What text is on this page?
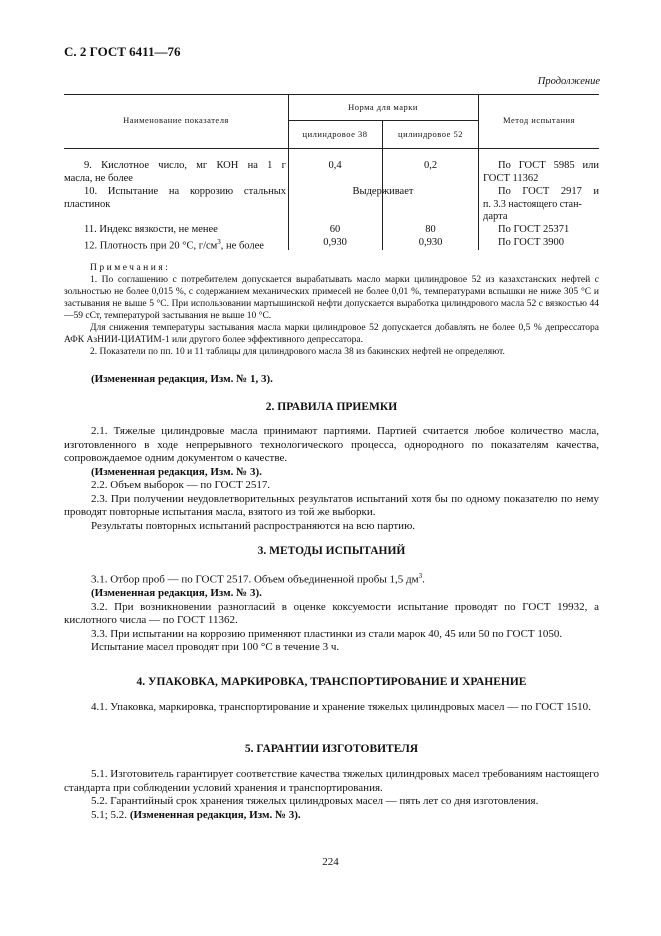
С. 2 ГОСТ 6411—76
Продолжение
Наименование показателя
Норма для марки
цилиндровое 38	цилиндровое 52
Метод испытания
9. Кислотное число, мг КОН на 1 г
масла, не более
0,4	0,2	По ГОСТ 5985 или
ГОСТ 11362
10. Испытание на коррозию стальных
пластинок
Выдерживает	По ГОСТ 2917 и
п. 3.3 настоящего стан-
дарта
11. Индекс вязкости, не менее	60	80	По ГОСТ 25371
12. Плотность при 20 °С, $г/см^3$, не более	0,930	0,930	По ГОСТ 3900

Примечания:

1. По соглашению с потребителем допускается вырабатывать масло марки цилиндровое 52 из казахстанских нефтей с зольностью не более 0,015 %, с содержанием механических примесей не более 0,01 %, температурами вспышки не ниже 305 °С и застывания не выше 5 °С. При использовании мартышинской нефти допускается выработка цилиндрового масла 52 с вязкостью 44—59 сСт, температурой застывания не выше 10 °С.

Для снижения температуры застывания масла марки цилиндровое 52 допускается добавлять не более 0,5 % депрессатора АФК АзНИИ-ЦИАТИМ-1 или другого более эффективного депрессатора.

2. Показатели по пп. 10 и 11 таблицы для цилиндрового масла 38 из бакинских нефтей не определяют.

(Измененная редакция, Изм. № 1, 3).

2. ПРАВИЛА ПРИЕМКИ

2.1. Тяжелые цилиндровые масла принимают партиями. Партией считается любое количество масла, изготовленного в ходе непрерывного технологического процесса, однородного по показателям качества, сопровождаемое одним документом о качестве.

(Измененная редакция, Изм. № 3).

2.2. Объем выборок — по ГОСТ 2517.

2.3. При получении неудовлетворительных результатов испытаний хотя бы по одному показателю по нему проводят повторные испытания масла, взятого из той же выборки.

Результаты повторных испытаний распространяются на всю партию.

3. МЕТОДЫ ИСПЫТАНИЙ

3.1. Отбор проб — по ГОСТ 2517. Объем объединенной пробы 1,5 $дм^3$.

(Измененная редакция, Изм. № 3).

3.2. При возникновении разногласий в оценке коксуемости испытание проводят по ГОСТ 19932, а кислотного числа — по ГОСТ 11362.

3.3. При испытании на коррозию применяют пластинки из стали марок 40, 45 или 50 по ГОСТ 1050.

Испытание масел проводят при 100 °С в течение 3 ч.

4. УПАКОВКА, МАРКИРОВКА, ТРАНСПОРТИРОВАНИЕ И ХРАНЕНИЕ

4.1. Упаковка, маркировка, транспортирование и хранение тяжелых цилиндровых масел — по ГОСТ 1510.

5. ГАРАНТИИ ИЗГОТОВИТЕЛЯ

5.1. Изготовитель гарантирует соответствие качества тяжелых цилиндровых масел требованиям настоящего стандарта при соблюдении условий хранения и транспортирования.

5.2. Гарантийный срок хранения тяжелых цилиндровых масел — пять лет со дня изготовления.

5.1; 5.2. (Измененная редакция, Изм. № 3).

224
